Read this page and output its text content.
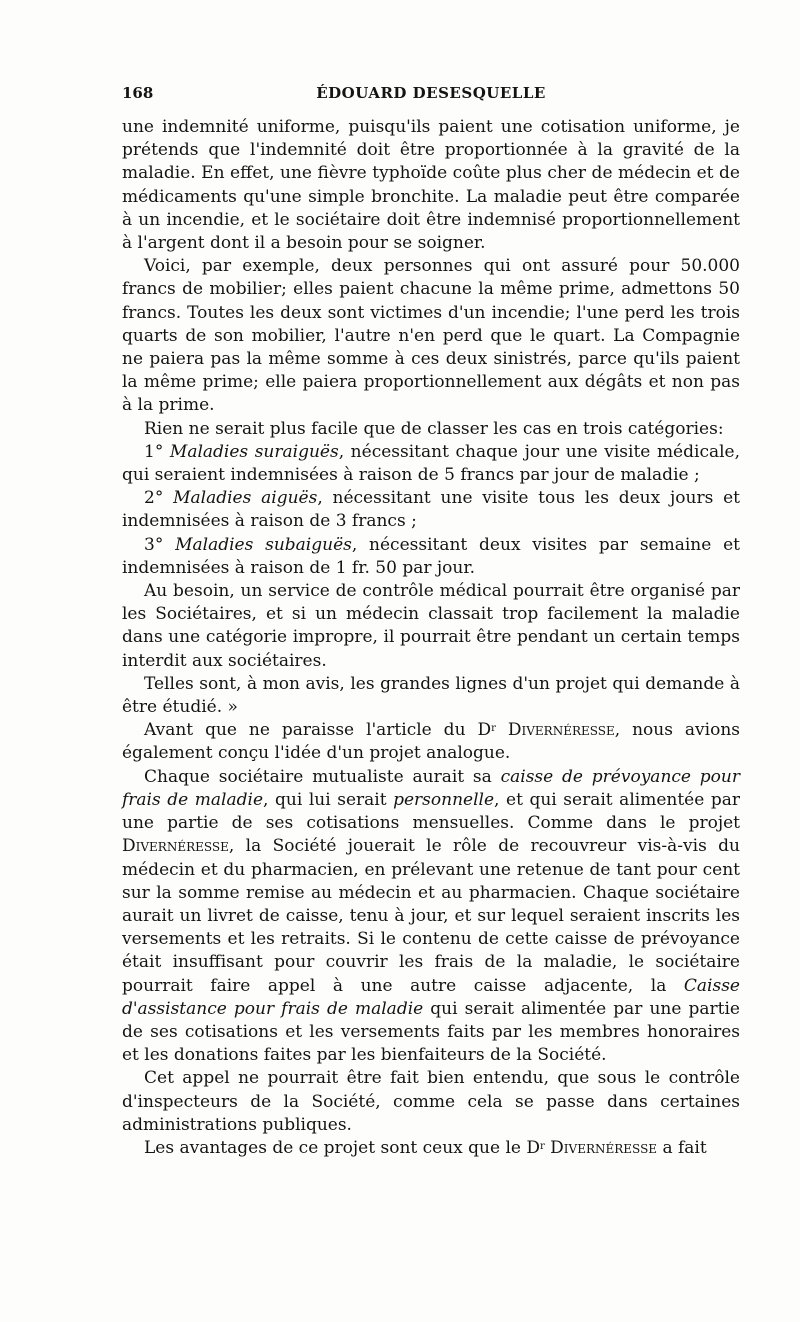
168	ÉDOUARD DESESQUELLE

une indemnité uniforme, puisqu'ils paient une cotisation uniforme, je prétends que l'indemnité doit être proportionnée à la gravité de la maladie. En effet, une fièvre typhoïde coûte plus cher de médecin et de médicaments qu'une simple bronchite. La maladie peut être comparée à un incendie, et le sociétaire doit être indemnisé proportionnellement à l'argent dont il a besoin pour se soigner.

Voici, par exemple, deux personnes qui ont assuré pour 50.000 francs de mobilier; elles paient chacune la même prime, admettons 50 francs. Toutes les deux sont victimes d'un incendie; l'une perd les trois quarts de son mobilier, l'autre n'en perd que le quart. La Compagnie ne paiera pas la même somme à ces deux sinistrés, parce qu'ils paient la même prime; elle paiera proportionnellement aux dégâts et non pas à la prime.

Rien ne serait plus facile que de classer les cas en trois catégories:

1° Maladies suraiguës, nécessitant chaque jour une visite médicale, qui seraient indemnisées à raison de 5 francs par jour de maladie ;

2° Maladies aiguës, nécessitant une visite tous les deux jours et indemnisées à raison de 3 francs ;

3° Maladies subaiguës, nécessitant deux visites par semaine et indemnisées à raison de 1 fr. 50 par jour.

Au besoin, un service de contrôle médical pourrait être organisé par les Sociétaires, et si un médecin classait trop facilement la maladie dans une catégorie impropre, il pourrait être pendant un certain temps interdit aux sociétaires.

Telles sont, à mon avis, les grandes lignes d'un projet qui demande à être étudié. »

Avant que ne paraisse l'article du $D^r$ Divernéresse, nous avions également conçu l'idée d'un projet analogue.

Chaque sociétaire mutualiste aurait sa caisse de prévoyance pour frais de maladie, qui lui serait personnelle, et qui serait alimentée par une partie de ses cotisations mensuelles. Comme dans le projet Divernéresse, la Société jouerait le rôle de recouvreur vis-à-vis du médecin et du pharmacien, en prélevant une retenue de tant pour cent sur la somme remise au médecin et au pharmacien. Chaque sociétaire aurait un livret de caisse, tenu à jour, et sur lequel seraient inscrits les versements et les retraits. Si le contenu de cette caisse de prévoyance était insuffisant pour couvrir les frais de la maladie, le sociétaire pourrait faire appel à une autre caisse adjacente, la Caisse d'assistance pour frais de maladie qui serait alimentée par une partie de ses cotisations et les versements faits par les membres honoraires et les donations faites par les bienfaiteurs de la Société.

Cet appel ne pourrait être fait bien entendu, que sous le contrôle d'inspecteurs de la Société, comme cela se passe dans certaines administrations publiques.

Les avantages de ce projet sont ceux que le $D^r$ Divernéresse a fait
